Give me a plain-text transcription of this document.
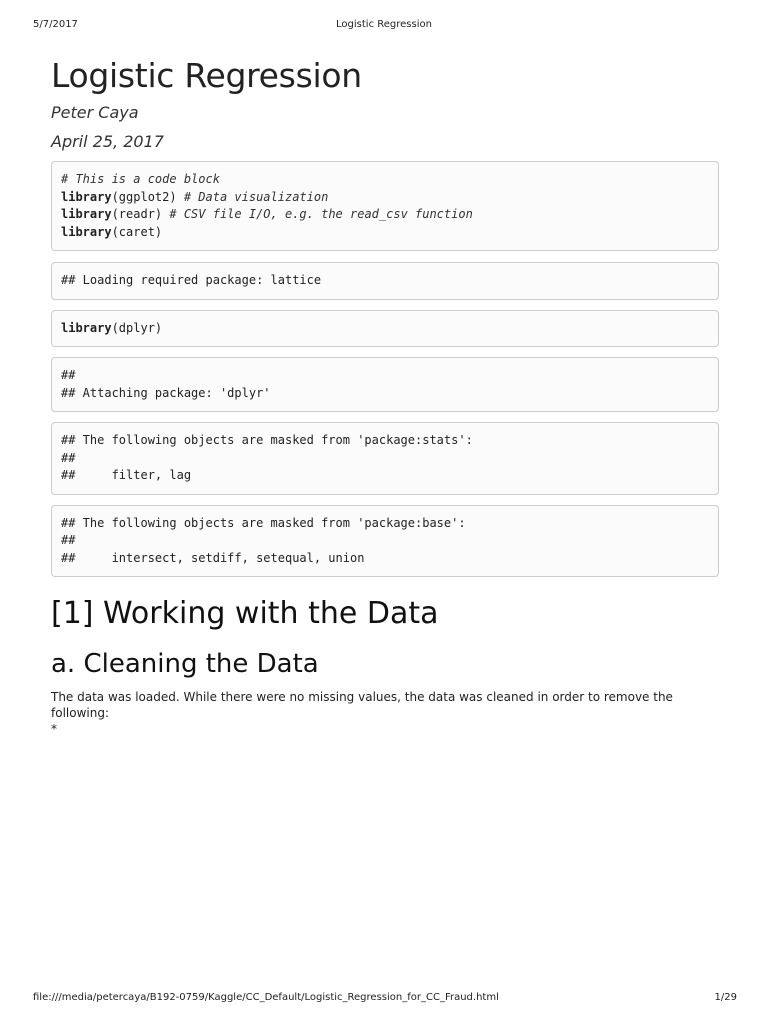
5/7/2017	Logistic Regression
Logistic Regression
Peter Caya
April 25, 2017
# This is a code block
library(ggplot2) # Data visualization
library(readr) # CSV file I/O, e.g. the read_csv function
library(caret)
## Loading required package: lattice
library(dplyr)
##
## Attaching package: 'dplyr'
## The following objects are masked from 'package:stats':
##
##     filter, lag
## The following objects are masked from 'package:base':
##
##     intersect, setdiff, setequal, union
[1] Working with the Data
a. Cleaning the Data

The data was loaded. While there were no missing values, the data was cleaned in order to remove the following:
*

file:///media/petercaya/B192-0759/Kaggle/CC_Default/Logistic_Regression_for_CC_Fraud.html	1/29
